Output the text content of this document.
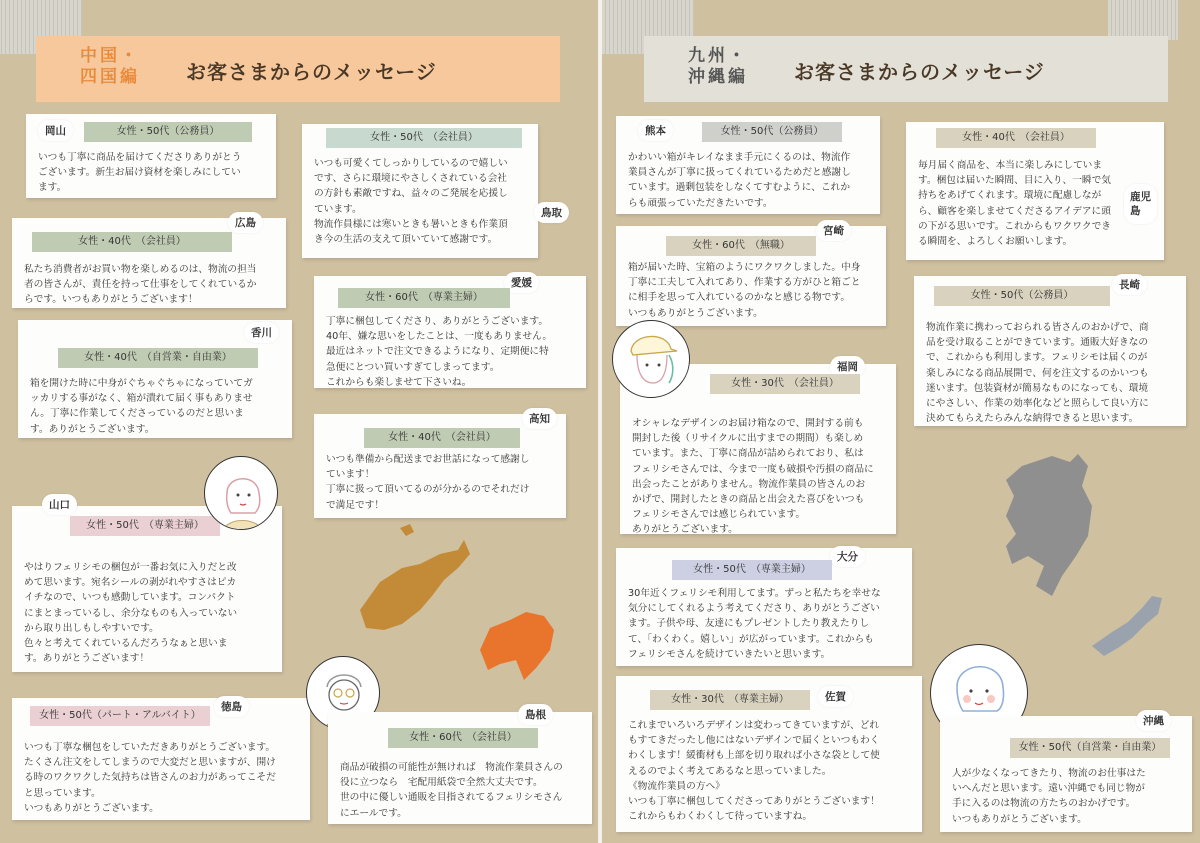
中国・
四国編	お客さまからのメッセージ
岡山	女性・50代（公務員）
いつも丁寧に商品を届けてくださりありがとう
ございます。新生お届け資材を楽しみにしてい
ます。
女性・50代　（会社員）
いつも可愛くてしっかりしているので嬉しい
です、さらに環境にやさしくされている会社
の方針も素敵ですね、益々のご発展を応援し
ています。
物流作員様には寒いときも暑いときも作業頂
き今の生活の支えて頂いていて感謝です。
鳥取
広島
女性・40代　（会社員）
私たち消費者がお買い物を楽しめるのは、物流の担当
者の皆さんが、責任を持って仕事をしてくれているか
らです。いつもありがとうございます！
愛媛
女性・60代　（専業主婦）
丁寧に梱包してくださり、ありがとうございます。
40年、嫌な思いをしたことは、一度もありません。
最近はネットで注文できるようになり、定期便に特
急便にとつい買いすぎてしまってます。
これからも楽しませて下さいね。
香川
女性・40代　（自営業・自由業）
箱を開けた時に中身がぐちゃぐちゃになっていてガ
ッカリする事がなく、箱が潰れて届く事もありませ
ん。丁寧に作業してくださっているのだと思いま
す。ありがとうございます。
高知
女性・40代　（会社員）
いつも準備から配送までお世話になって感謝し
ています！
丁寧に扱って頂いてるのが分かるのでそれだけ
で満足です！
山口
女性・50代　（専業主婦）
やはりフェリシモの梱包が一番お気に入りだと改
めて思います。宛名シールの剥がれやすさはピカ
イチなので、いつも感動しています。コンパクト
にまとまっているし、余分なものも入っていない
から取り出しもしやすいです。
色々と考えてくれているんだろうなぁと思いま
す。ありがとうございます！
徳島
女性・50代（パート・アルバイト）
いつも丁寧な梱包をしていただきありがとうございます。
たくさん注文をしてしまうので大変だと思いますが、開け
る時のワクワクした気持ちは皆さんのお力があってこそだ
と思っています。
いつもありがとうございます。
島根
女性・60代　（会社員）
商品が破損の可能性が無ければ　物流作業員さんの
役に立つなら　宅配用紙袋で全然大丈夫です。
世の中に優しい通販を目指されてるフェリシモさん
にエールです。
九州・
沖縄編	お客さまからのメッセージ
熊本	女性・50代（公務員）
かわいい箱がキレイなまま手元にくるのは、物流作
業員さんが丁寧に扱ってくれているためだと感謝し
ています。過剰包装をしなくてすむように、これか
らも頑張っていただきたいです。
女性・40代　（会社員）
毎月届く商品を、本当に楽しみにしていま
す。梱包は届いた瞬間、目に入り、一瞬で気
持ちをあげてくれます。環境に配慮しなが
ら、顧客を楽しませてくださるアイデアに頭
の下がる思いです。これからもワクワクでき
る瞬間を、よろしくお願いします。
鹿児
島
宮崎
女性・60代　（無職）
箱が届いた時、宝箱のようにワクワクしました。中身
丁寧に工夫して入れてあり、作業する方がひと箱ごと
に相手を思って入れているのかなと感じる物です。
いつもありがとうございます。
長崎
女性・50代（公務員）
物流作業に携わっておられる皆さんのおかげで、商
品を受け取ることができています。通販大好きなの
で、これからも利用します。フェリシモは届くのが
楽しみになる商品展開で、何を注文するのかいつも
迷います。包装資材が簡易なものになっても、環境
にやさしい、作業の効率化などと照らして良い方に
決めてもらえたらみんな納得できると思います。
福岡
女性・30代　（会社員）
オシャレなデザインのお届け箱なので、開封する前も
開封した後（リサイクルに出すまでの期間）も楽しめ
ています。また、丁寧に商品が詰められており、私は
フェリシモさんでは、今まで一度も破損や汚損の商品に
出会ったことがありません。物流作業員の皆さんのお
かげで、開封したときの商品と出会えた喜びをいつも
フェリシモさんでは感じられています。
ありがとうございます。
大分
女性・50代　（専業主婦）
30年近くフェリシモ利用してます。ずっと私たちを幸せな
気分にしてくれるよう考えてくださり、ありがとうござい
ます。子供や母、友達にもプレゼントしたり教えたりし
て、「わくわく。嬉しい」が広がっています。これからも
フェリシモさんを続けていきたいと思います。
佐賀
女性・30代　（専業主婦）
これまでいろいろデザインは変わってきていますが、どれ
もすてきだったし他にはないデザインで届くといつもわく
わくします！緩衝材も上部を切り取れば小さな袋として使
えるのでよく考えてあるなと思っていました。
《物流作業員の方へ》
いつも丁寧に梱包してくださってありがとうございます！
これからもわくわくして待っていますね。
沖縄
女性・50代（自営業・自由業）
人が少なくなってきたり、物流のお仕事はた
いへんだと思います。遠い沖縄でも同じ物が
手に入るのは物流の方たちのおかげです。
いつもありがとうございます。
